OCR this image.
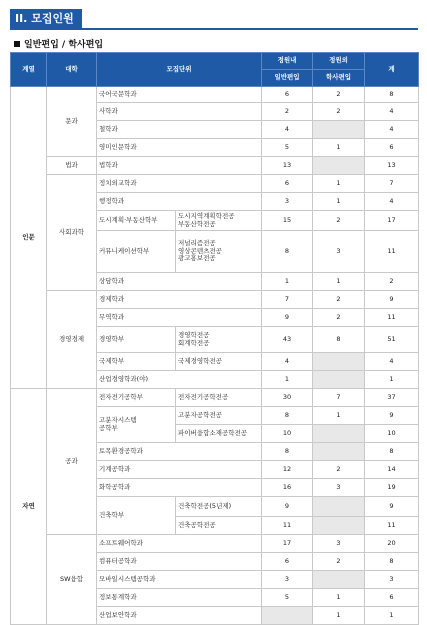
II. 모집인원
일반편입 / 학사편입
계열	대학	모집단위		정원내	정원외	계
				일반편입	학사편입	
인문	문과	국어국문학과		6	2	8
		사학과		2	2	4
		철학과		4		4
		영미인문학과		5	1	6
	법과	법학과		13		13
	사회과학	정치외교학과		6	1	7
		행정학과		3	1	4
		도시계획·부동산학부	도시지역계획학전공
부동산학전공	15	2	17
		커뮤니케이션학부	저널리즘전공
영상콘텐츠전공
광고홍보전공	8	3	11
		상담학과		1	1	2
	경영경제	경제학과		7	2	9
		무역학과		9	2	11
		경영학부	경영학전공
회계학전공	43	8	51
		국제학부	국제경영학전공	4		4
		산업경영학과(야)		1		1
자연	공과	전자전기공학부	전자전기공학전공	30	7	37
		고분자시스템
공학부	고분자공학전공	8	1	9
			파이버융합소재공학전공	10		10
		토목환경공학과		8		8
		기계공학과		12	2	14
		화학공학과		16	3	19
		건축학부	건축학전공(5년제)	9		9
			건축공학전공	11		11
	SW융합	소프트웨어학과		17	3	20
		컴퓨터공학과		6	2	8
		모바일시스템공학과		3		3
		정보통계학과		5	1	6
		산업보안학과			1	1
